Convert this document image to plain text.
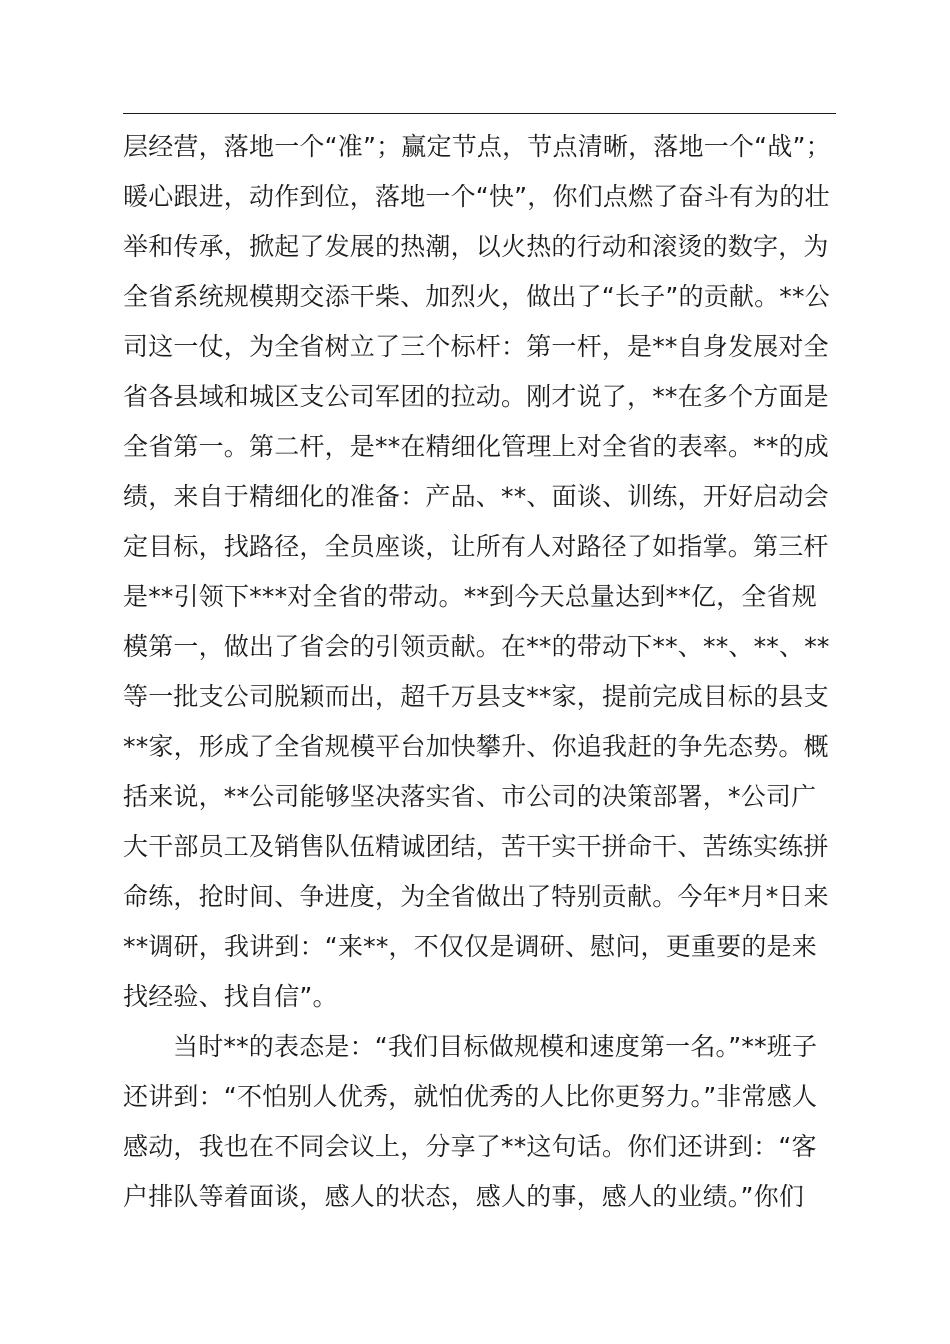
层经营，落地一个“准”；赢定节点，节点清晰，落地一个“战”；
暖心跟进，动作到位，落地一个“快”，你们点燃了奋斗有为的壮
举和传承，掀起了发展的热潮，以火热的行动和滚烫的数字，为
全省系统规模期交添干柴、加烈火，做出了“长子”的贡献。**公
司这一仗，为全省树立了三个标杆：第一杆，是**自身发展对全
省各县域和城区支公司军团的拉动。刚才说了，**在多个方面是
全省第一。第二杆，是**在精细化管理上对全省的表率。**的成
绩，来自于精细化的准备：产品、**、面谈、训练，开好启动会
定目标，找路径，全员座谈，让所有人对路径了如指掌。第三杆
是**引领下***对全省的带动。**到今天总量达到**亿，全省规
模第一，做出了省会的引领贡献。在**的带动下**、**、**、**
等一批支公司脱颖而出，超千万县支**家，提前完成目标的县支
**家，形成了全省规模平台加快攀升、你追我赶的争先态势。概
括来说，**公司能够坚决落实省、市公司的决策部署，*公司广
大干部员工及销售队伍精诚团结，苦干实干拼命干、苦练实练拼
命练，抢时间、争进度，为全省做出了特别贡献。今年*月*日来
**调研，我讲到：“来**，不仅仅是调研、慰问，更重要的是来
找经验、找自信”。
当时**的表态是：“我们目标做规模和速度第一名。”**班子
还讲到：“不怕别人优秀，就怕优秀的人比你更努力。”非常感人
感动，我也在不同会议上，分享了**这句话。你们还讲到：“客
户排队等着面谈，感人的状态，感人的事，感人的业绩。”你们
